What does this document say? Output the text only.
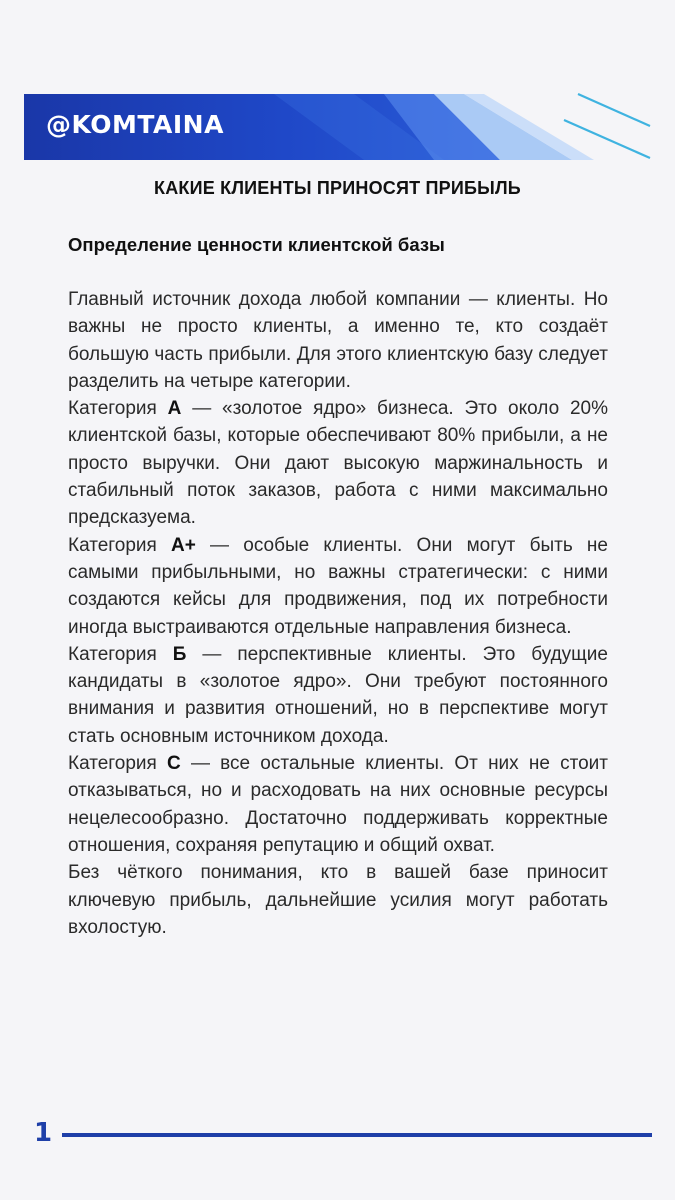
@KOMTAINA
КАКИЕ КЛИЕНТЫ ПРИНОСЯТ ПРИБЫЛЬ
Определение ценности клиентской базы

Главный источник дохода любой компании — клиенты. Но важны не просто клиенты, а именно те, кто создаёт большую часть прибыли. Для этого клиентскую базу следует разделить на четыре категории.

Категория А — «золотое ядро» бизнеса. Это около 20% клиентской базы, которые обеспечивают 80% прибыли, а не просто выручки. Они дают высокую маржинальность и стабильный поток заказов, работа с ними максимально предсказуема.

Категория А+ — особые клиенты. Они могут быть не самыми прибыльными, но важны стратегически: с ними создаются кейсы для продвижения, под их потребности иногда выстраиваются отдельные направления бизнеса.

Категория Б — перспективные клиенты. Это будущие кандидаты в «золотое ядро». Они требуют постоянного внимания и развития отношений, но в перспективе могут стать основным источником дохода.

Категория С — все остальные клиенты. От них не стоит отказываться, но и расходовать на них основные ресурсы нецелесообразно. Достаточно поддерживать корректные отношения, сохраняя репутацию и общий охват.

Без чёткого понимания, кто в вашей базе приносит ключевую прибыль, дальнейшие усилия могут работать вхолостую.

1
